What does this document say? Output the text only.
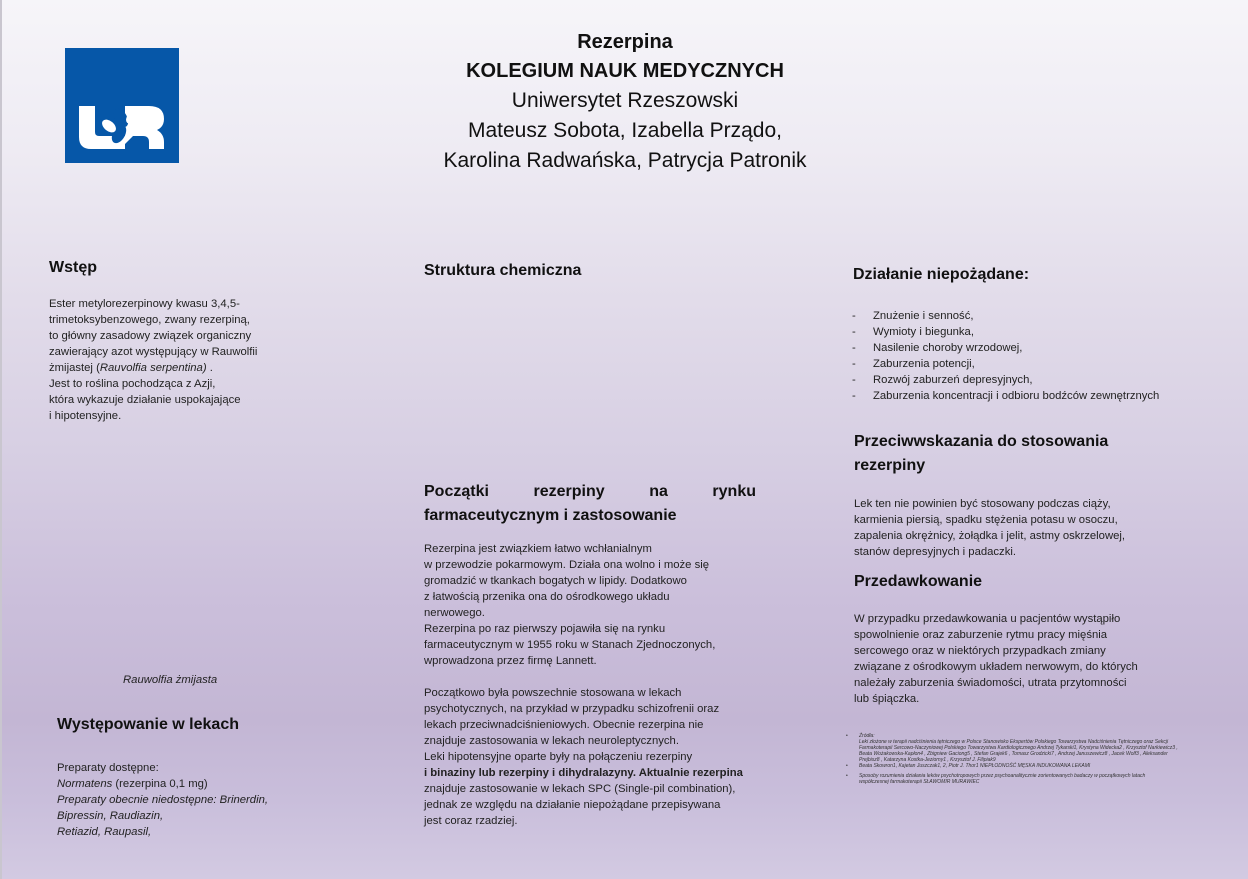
Rezerpina
KOLEGIUM NAUK MEDYCZNYCH
Uniwersytet Rzeszowski
Mateusz Sobota, Izabella Prządo,
Karolina Radwańska, Patrycja Patronik
Wstęp
Ester metylorezerpinowy kwasu 3,4,5-
trimetoksybenzowego, zwany rezerpiną,
to główny zasadowy związek organiczny
zawierający azot występujący w Rauwolfii
żmijastej (Rauvolfia serpentina) .
Jest to roślina pochodząca z Azji,
która wykazuje działanie uspokajające
i hipotensyjne.
Rauwolfia żmijasta
Występowanie w lekach
Preparaty dostępne:
Normatens (rezerpina 0,1 mg)
Preparaty obecnie niedostępne: Brinerdin,
Bipressin, Raudiazin,
Retiazid, Raupasil,
Struktura chemiczna
Początki	rezerpiny	na	rynku
farmaceutycznym i zastosowanie
Rezerpina jest związkiem łatwo wchłanialnym
w przewodzie pokarmowym. Działa ona wolno i może się
gromadzić w tkankach bogatych w lipidy. Dodatkowo
z łatwością przenika ona do ośrodkowego układu
nerwowego.
Rezerpina po raz pierwszy pojawiła się na rynku
farmaceutycznym w 1955 roku w Stanach Zjednoczonych,
wprowadzona przez firmę Lannett.
Początkowo była powszechnie stosowana w lekach
psychotycznych, na przykład w przypadku schizofrenii oraz
lekach przeciwnadciśnieniowych. Obecnie rezerpina nie
znajduje zastosowania w lekach neuroleptycznych.
Leki hipotensyjne oparte były na połączeniu rezerpiny
i binaziny lub rezerpiny i dihydralazyny. Aktualnie rezerpina
znajduje zastosowanie w lekach SPC (Single-pil combination),
jednak ze względu na działanie niepożądane przepisywana
jest coraz rzadziej.
Działanie niepożądane:
-	Znużenie i senność,
-	Wymioty i biegunka,
-	Nasilenie choroby wrzodowej,
-	Zaburzenia potencji,
-	Rozwój zaburzeń depresyjnych,
-	Zaburzenia koncentracji i odbioru bodźców zewnętrznych
Przeciwwskazania do stosowania
rezerpiny
Lek ten nie powinien być stosowany podczas ciąży,
karmienia piersią, spadku stężenia potasu w osoczu,
zapalenia okrężnicy, żołądka i jelit, astmy oskrzelowej,
stanów depresyjnych i padaczki.
Przedawkowanie
W przypadku przedawkowania u pacjentów wystąpiło
spowolnienie oraz zaburzenie rytmu pracy mięśnia
sercowego oraz w niektórych przypadkach zmiany
związane z ośrodkowym układem nerwowym, do których
należały zaburzenia świadomości, utrata przytomności
lub śpiączka.
•	Źródła:
Leki złożone w terapii nadciśnienia tętniczego w Polsce Stanowisko Ekspertów Polskiego Towarzystwa Nadciśnienia Tętniczego oraz Sekcji Farmakoterapii Sercowo-Naczyniowej Polskiego Towarzystwa Kardiologicznego Andrzej Tykarski1, Krystyna Widecka2 , Krzysztof Narkiewicz3 , Beata Wożakowska-Kapłon4 , Zbigniew Gaciong5 , Stefan Grajek6 , Tomasz Grodzicki7 , Andrzej Januszewicz8 , Jacek Wolf3 , Aleksander Prejbisz8 , Katarzyna Kostka-Jeziorny1 , Krzysztof J. Filipiak9
•	Beata Skowron1, Kajetan Juszczak1, 2, Piotr J. Thor1 NIEPŁODNOŚĆ MĘSKA INDUKOWANA LEKAMI
•	Sposoby rozumienia działania leków psychotropowych przez psychoanalitycznie zorientowanych badaczy w początkowych latach współczesnej farmakoterapii SŁAWOMIR MURAWIEC
